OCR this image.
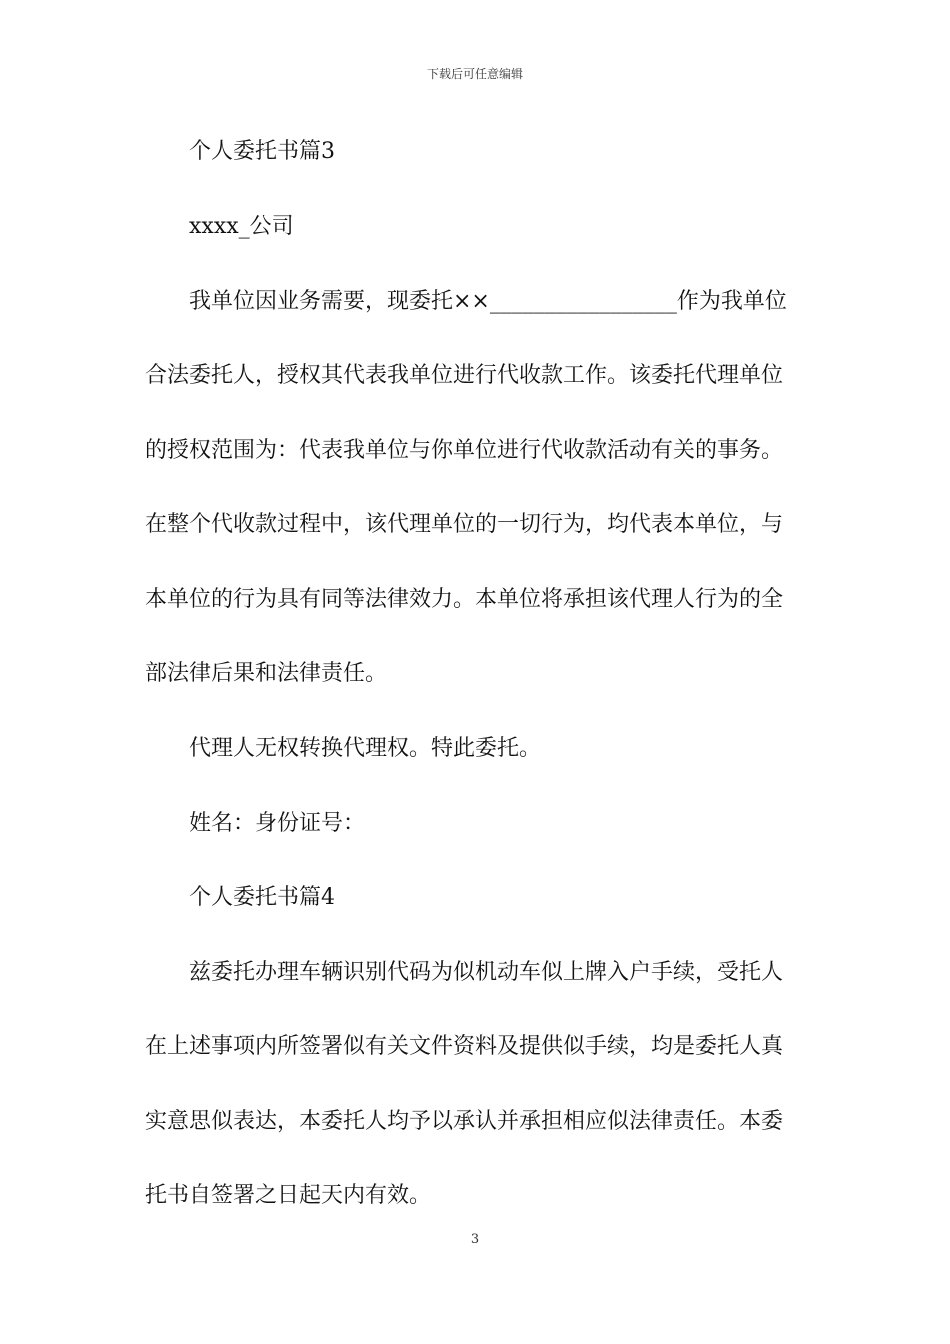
下载后可任意编辑
个人委托书篇3
xxxx_公司
我单位因业务需要，现委托××_________________作为我单位
合法委托人，授权其代表我单位进行代收款工作。该委托代理单位
的授权范围为：代表我单位与你单位进行代收款活动有关的事务。
在整个代收款过程中，该代理单位的一切行为，均代表本单位，与
本单位的行为具有同等法律效力。本单位将承担该代理人行为的全
部法律后果和法律责任。
代理人无权转换代理权。特此委托。
姓名：身份证号：
个人委托书篇4
兹委托办理车辆识别代码为似机动车似上牌入户手续，受托人
在上述事项内所签署似有关文件资料及提供似手续，均是委托人真
实意思似表达，本委托人均予以承认并承担相应似法律责任。本委
托书自签署之日起天内有效。
3
